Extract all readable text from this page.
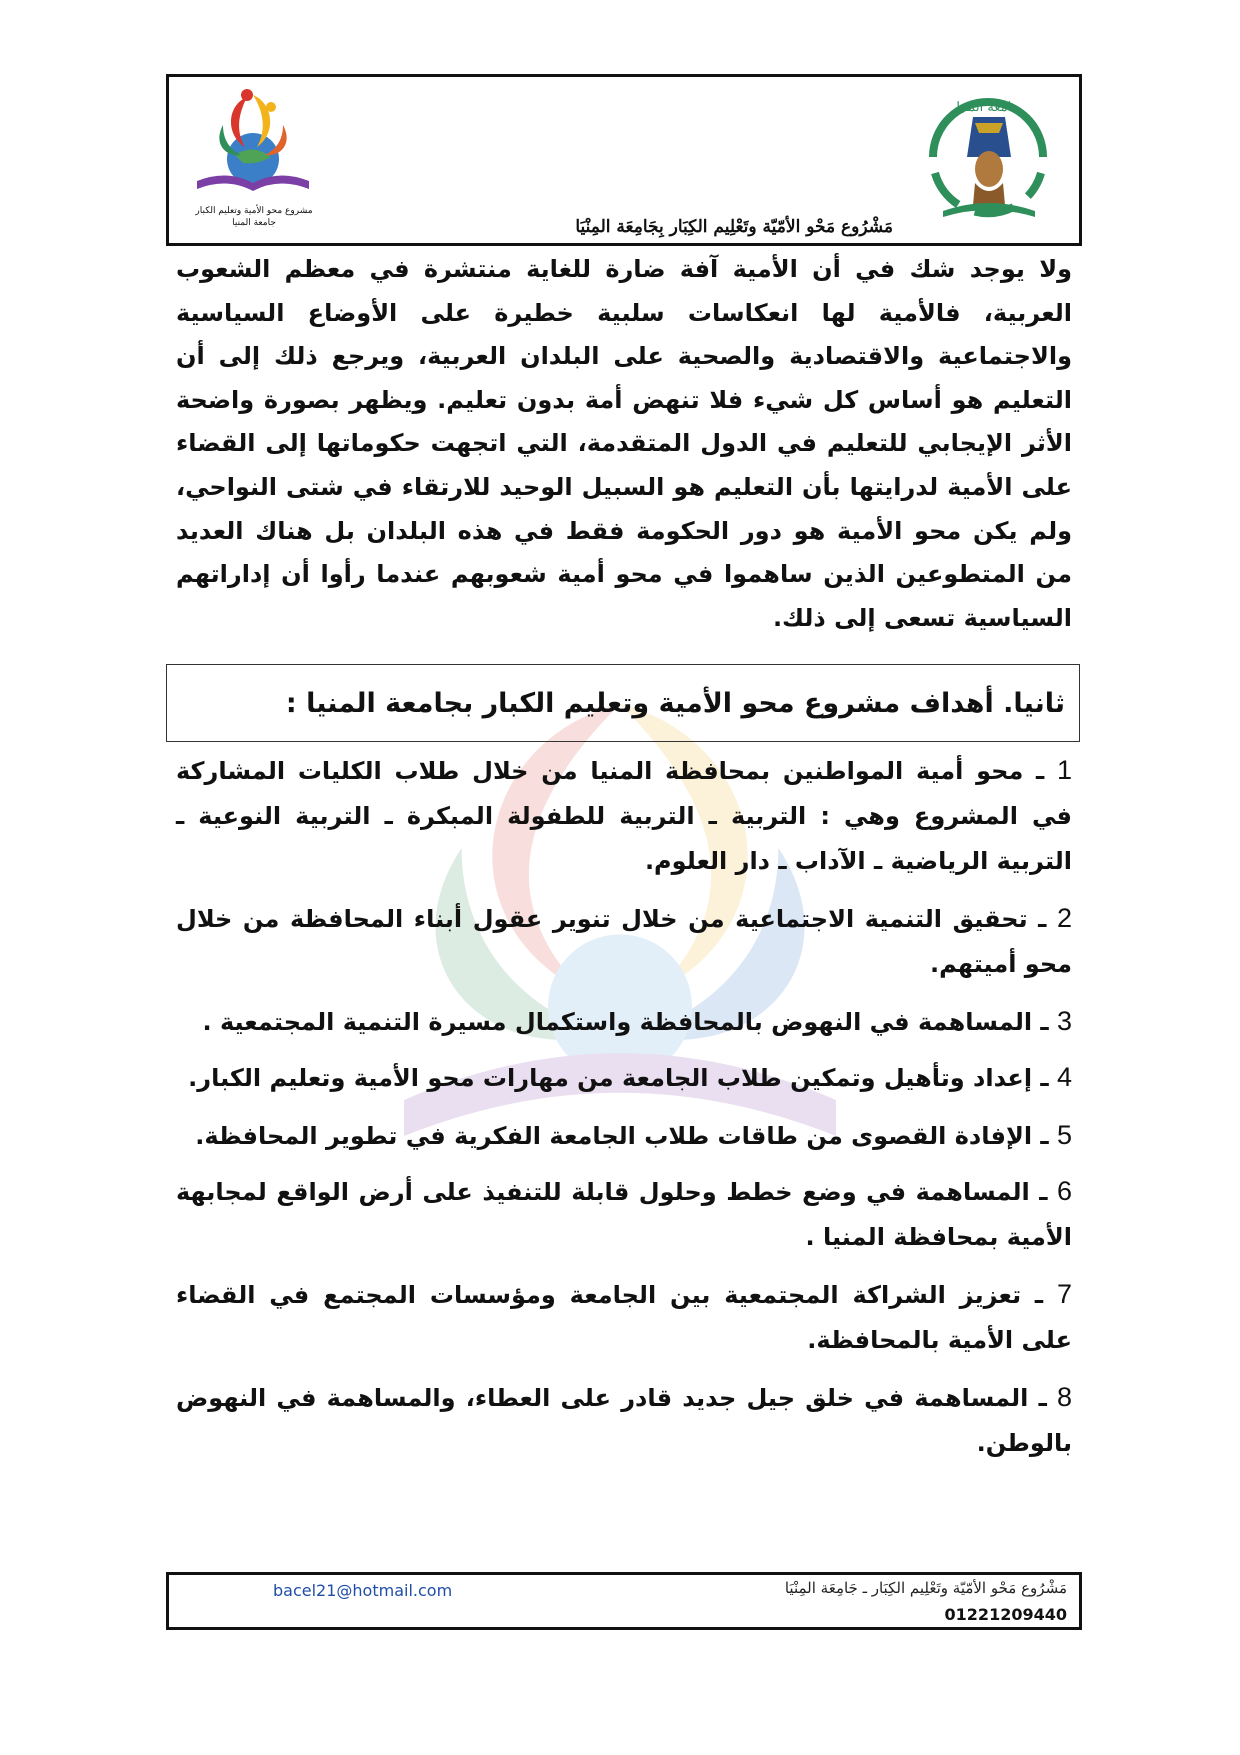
مشروع محو الأمية وتعليم الكبار
جامعة المنيا
جامعة المنيا
مَشْرُوع مَحْو الأمّيّة وتَعْلِيم الكِبَار بِجَامِعَة المِنْيَا

ولا يوجد شك في أن الأمية آفة ضارة للغاية منتشرة في معظم الشعوب العربية، فالأمية لها انعكاسات سلبية خطيرة على الأوضاع السياسية والاجتماعية والاقتصادية والصحية على البلدان العربية، ويرجع ذلك إلى أن التعليم هو أساس كل شيء فلا تنهض أمة بدون تعليم. ويظهر بصورة واضحة الأثر الإيجابي للتعليم في الدول المتقدمة، التي اتجهت حكوماتها إلى القضاء على الأمية لدرايتها بأن التعليم هو السبيل الوحيد للارتقاء في شتى النواحي، ولم يكن محو الأمية هو دور الحكومة فقط في هذه البلدان بل هناك العديد من المتطوعين الذين ساهموا في محو أمية شعوبهم عندما رأوا أن إداراتهم السياسية تسعى إلى ذلك.

ثانيا. أهداف مشروع محو الأمية وتعليم الكبار بجامعة المنيا :

1 ـ محو أمية المواطنين بمحافظة المنيا من خلال طلاب الكليات المشاركة في المشروع وهي : التربية ـ التربية للطفولة المبكرة ـ التربية النوعية ـ التربية الرياضية ـ الآداب ـ دار العلوم.

2 ـ تحقيق التنمية الاجتماعية من خلال تنوير عقول أبناء المحافظة من خلال محو أميتهم.

3 ـ المساهمة في النهوض بالمحافظة واستكمال مسيرة التنمية المجتمعية .

4 ـ إعداد وتأهيل وتمكين طلاب الجامعة من مهارات محو الأمية وتعليم الكبار.

5 ـ الإفادة القصوى من طاقات طلاب الجامعة الفكرية في تطوير المحافظة.

6 ـ المساهمة في وضع خطط وحلول قابلة للتنفيذ على أرض الواقع لمجابهة الأمية بمحافظة المنيا .

7 ـ تعزيز الشراكة المجتمعية بين الجامعة ومؤسسات المجتمع في القضاء على الأمية بالمحافظة.

8 ـ المساهمة في خلق جيل جديد قادر على العطاء، والمساهمة في النهوض بالوطن.

bacel21@hotmail.com	مَشْرُوع مَحْو الأمّيّة وتَعْلِيم الكِبَار ـ جَامِعَة المِنْيَا
01221209440
